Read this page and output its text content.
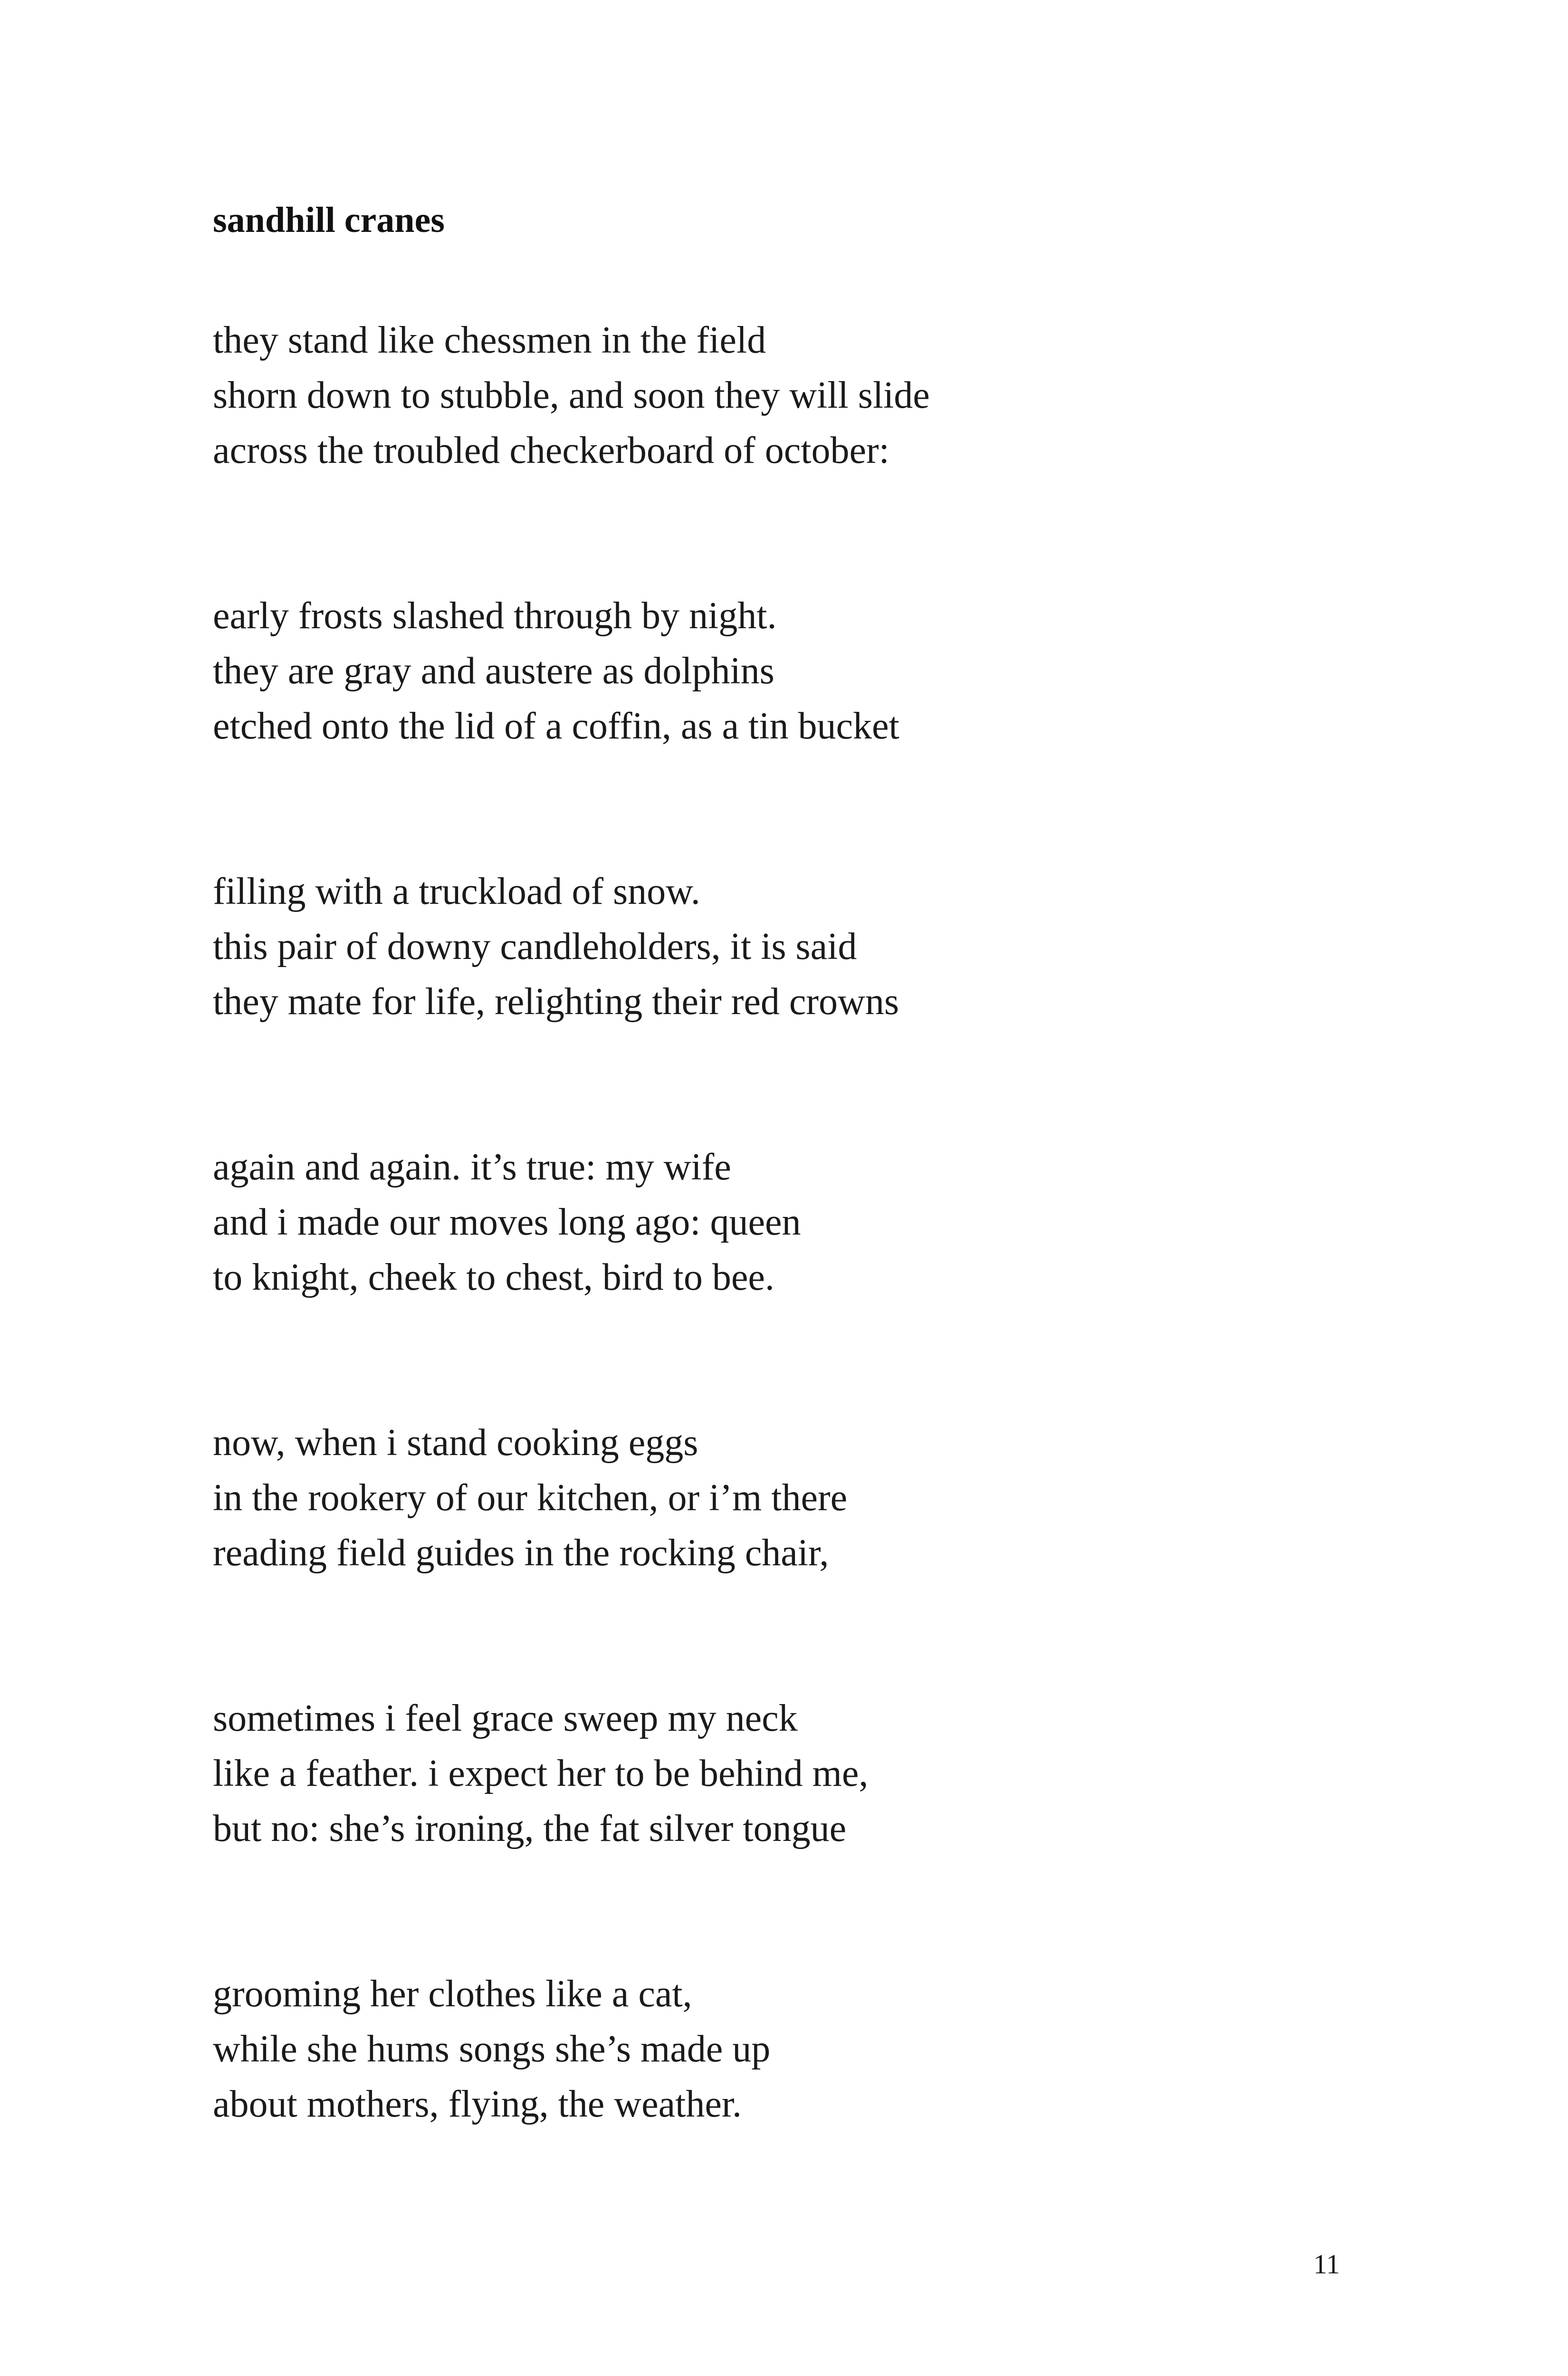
sandhill cranes
they stand like chessmen in the field
shorn down to stubble, and soon they will slide
across the troubled checkerboard of october:
early frosts slashed through by night.
they are gray and austere as dolphins
etched onto the lid of a coffin, as a tin bucket
filling with a truckload of snow.
this pair of downy candleholders, it is said
they mate for life, relighting their red crowns
again and again. it’s true: my wife
and i made our moves long ago: queen
to knight, cheek to chest, bird to bee.
now, when i stand cooking eggs
in the rookery of our kitchen, or i’m there
reading field guides in the rocking chair,
sometimes i feel grace sweep my neck
like a feather. i expect her to be behind me,
but no: she’s ironing, the fat silver tongue
grooming her clothes like a cat,
while she hums songs she’s made up
about mothers, flying, the weather.
11
